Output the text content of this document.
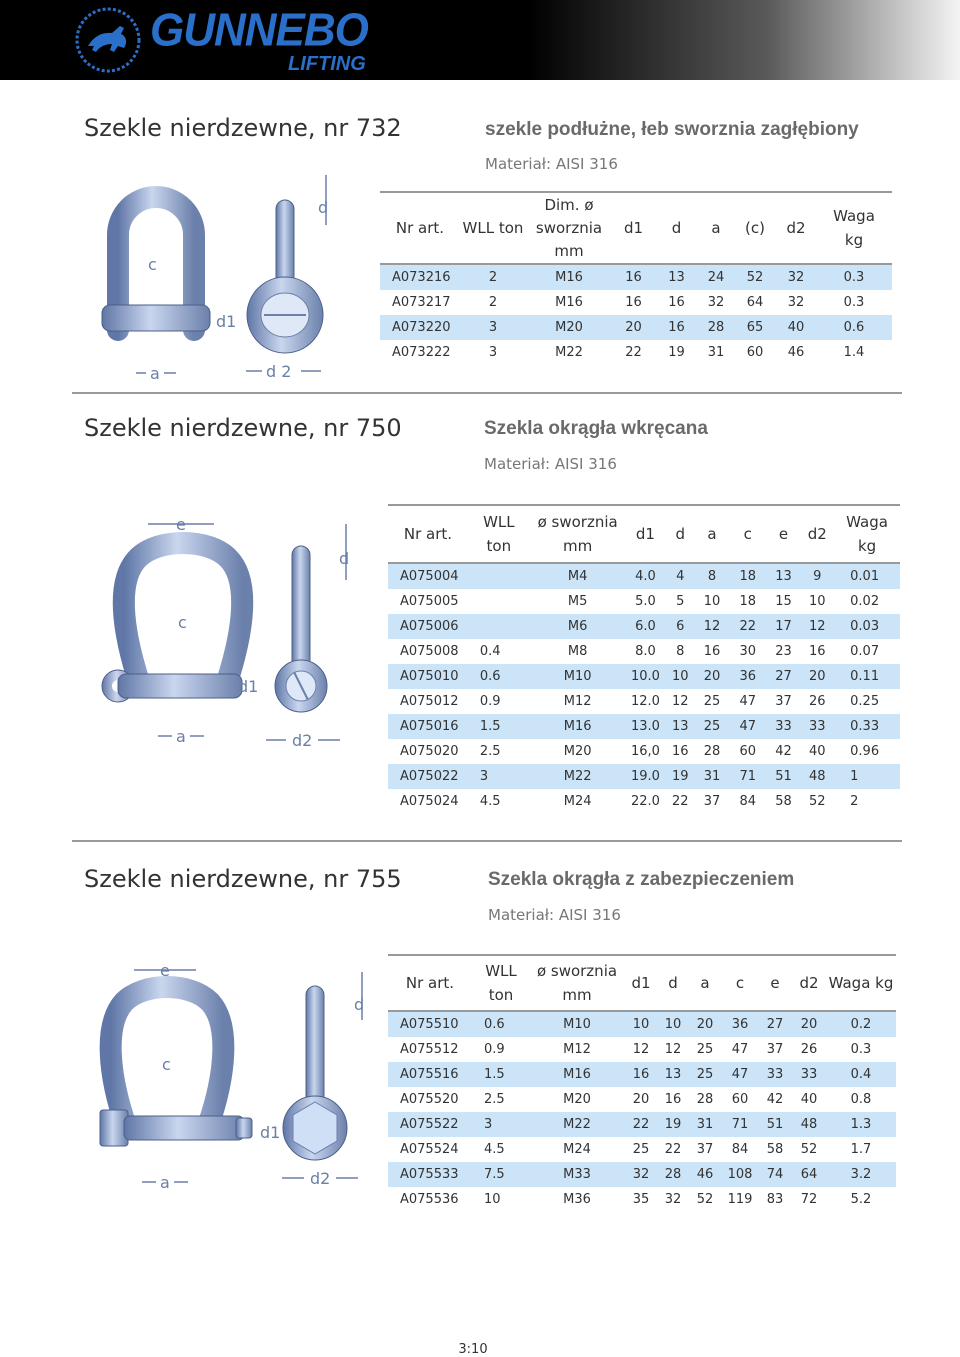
GUNNEBO
LIFTING
Szekle nierdzewne, nr 732	szekle podłużne, łeb sworznia zagłębiony
Materiał: AISI 316
c
d1
a
d
d 2
Nr art.	WLL ton	Dim. ø sworznia mm	d1	d	a	(c)	d2	Waga kg
A073216	2	M16	16	13	24	52	32	0.3
A073217	2	M16	16	16	32	64	32	0.3
A073220	3	M20	20	16	28	65	40	0.6
A073222	3	M22	22	19	31	60	46	1.4
Szekle nierdzewne, nr 750	Szekla okrągła wkręcana
Materiał: AISI 316
e
c
d1
a
d
d2
Nr art.	WLL ton	ø sworznia mm	d1	d	a	c	e	d2	Waga kg
A075004		M4	4.0	4	8	18	13	9	0.01
A075005		M5	5.0	5	10	18	15	10	0.02
A075006		M6	6.0	6	12	22	17	12	0.03
A075008	0.4	M8	8.0	8	16	30	23	16	0.07
A075010	0.6	M10	10.0	10	20	36	27	20	0.11
A075012	0.9	M12	12.0	12	25	47	37	26	0.25
A075016	1.5	M16	13.0	13	25	47	33	33	0.33
A075020	2.5	M20	16,0	16	28	60	42	40	0.96
A075022	3	M22	19.0	19	31	71	51	48	1
A075024	4.5	M24	22.0	22	37	84	58	52	2
Szekle nierdzewne, nr 755	Szekla okrągła z zabezpieczeniem
Materiał: AISI 316
e
c
d1
a
d
d2
Nr art.	WLL ton	ø sworznia mm	d1	d	a	c	e	d2	Waga kg
A075510	0.6	M10	10	10	20	36	27	20	0.2
A075512	0.9	M12	12	12	25	47	37	26	0.3
A075516	1.5	M16	16	13	25	47	33	33	0.4
A075520	2.5	M20	20	16	28	60	42	40	0.8
A075522	3	M22	22	19	31	71	51	48	1.3
A075524	4.5	M24	25	22	37	84	58	52	1.7
A075533	7.5	M33	32	28	46	108	74	64	3.2
A075536	10	M36	35	32	52	119	83	72	5.2
3:10
